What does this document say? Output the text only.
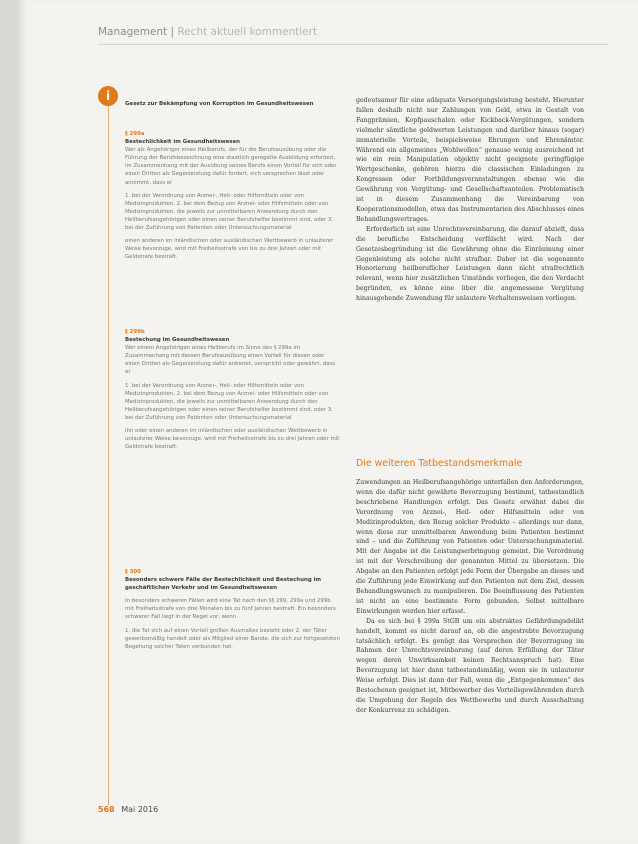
Management | Recht aktuell kommentiert
i

Gesetz zur Bekämpfung von Korruption im Gesundheitswesen

§ 299a

Bestechlichkeit im Gesundheitswesen

Wer als Angehöriger eines Heilberufs, der für die Berufsausübung oder die Führung der Berufsbezeichnung eine staatlich geregelte Ausbildung erfordert, im Zusammenhang mit der Ausübung seines Berufs einen Vorteil für sich oder einen Dritten als Gegenleistung dafür fordert, sich versprechen lässt oder annimmt, dass er

1. bei der Verordnung von Arznei-, Heil- oder Hilfsmitteln oder von Medizinprodukten, 2. bei dem Bezug von Arznei- oder Hilfsmitteln oder von Medizinprodukten, die jeweils zur unmittelbaren Anwendung durch den Heilberufsangehörigen oder einen seiner Berufshelfer bestimmt sind, oder 3. bei der Zuführung von Patienten oder Untersuchungsmaterial

einen anderen im inländischen oder ausländischen Wettbewerb in unlauterer Weise bevorzuge, wird mit Freiheitsstrafe von bis zu drei Jahren oder mit Geldstrafe bestraft.

§ 299b

Bestechung im Gesundheitswesen

Wer einem Angehörigen eines Heilberufs im Sinne des § 299a im Zusammenhang mit dessen Berufsausübung einen Vorteil für diesen oder einen Dritten als Gegenleistung dafür anbietet, verspricht oder gewährt, dass er

1. bei der Verordnung von Arznei-, Heil- oder Hilfsmitteln oder von Medizinprodukten, 2. bei dem Bezug von Arznei- oder Hilfsmitteln oder von Medizinprodukten, die jeweils zur unmittelbaren Anwendung durch den Heilberufsangehörigen oder einen seiner Berufshelfer bestimmt sind, oder 3. bei der Zuführung von Patienten oder Untersuchungsmaterial

ihn oder einen anderen im inländischen oder ausländischen Wettbewerb in unlauterer Weise bevorzuge, wird mit Freiheitsstrafe bis zu drei Jahren oder mit Geldstrafe bestraft.

§ 300

Besonders schwere Fälle der Bestechlichkeit und Bestechung im geschäftlichen Verkehr und im Gesundheitswesen

In besonders schweren Fällen wird eine Tat nach den §§ 299, 299a und 299b mit Freiheitsstrafe von drei Monaten bis zu fünf Jahren bestraft. Ein besonders schwerer Fall liegt in der Regel vor, wenn

1. die Tat sich auf einen Vorteil großen Ausmaßes bezieht oder 2. der Täter gewerbsmäßig handelt oder als Mitglied einer Bande, die sich zur fortgesetzten Begehung solcher Taten verbunden hat.

gedeutsamer für eine adäquate Versorgungsleistung besteht. Hierunter fallen deshalb nicht nur Zahlungen von Geld, etwa in Gestalt von Fangprämien, Kopfpauschalen oder Kickback-Vergütungen, sondern vielmehr sämtliche geldwerten Leistungen und darüber hinaus (sogar) immaterielle Vorteile, beispielsweise Ehrungen und Ehrenämter. Während ein allgemeines „Wohlwollen“ genauso wenig ausreichend ist wie ein rein Manipulation objektiv nicht geeignete geringfügige Wertgeschenke, gehören hierzu die classischen Einladungen zu Kongressen oder Fortbildungsveranstaltungen ebenso wie die Gewährung von Vergütung- und Gesellschaftsanteilen. Problematisch ist in diesem Zusammenhang die Vereinbarung von Kooperationsmodellen, etwa das Instrumentarien des Abschlusses eines Behandlungsvertrages.

Erforderlich ist eine Unrechtsvereinbarung, die darauf abzielt, dass die berufliche Entscheidung verfälscht wird. Nach der Gesetzesbegründung ist die Gewährung ohne die Einräumung einer Gegenleistung als solche nicht strafbar. Daher ist die sogenannte Honorierung heilberuflicher Leistungen dann nicht strafrechtlich relevant, wenn hier zusätzlichen Umstände vorliegen, die den Verdacht begründen, es könne eine über die angemessene Vergütung hinausgehende Zuwendung für unlautere Verhaltensweisen vorliegen.

Die weiteren Tatbestandsmerkmale

Zuwendungen an Heilberufsangehörige unterfallen den Anforderungen, wenn die dafür nicht gewährte Bevorzugung bestimmt, tatbestandlich beschriebene Handlungen erfolgt. Das Gesetz erwähnt dabei die Verordnung von Arznei-, Heil- oder Hilfsmitteln oder von Medizinprodukten, den Bezug solcher Produkte – allerdings nur dann, wenn diese zur unmittelbaren Anwendung beim Patienten bestimmt sind – und die Zuführung von Patienten oder Untersuchungsmaterial. Mit der Angabe ist die Leistungserbringung gemeint. Die Verordnung ist mit der Verschreibung der genannten Mittel zu übersetzen. Die Abgabe an den Patienten erfolgt jede Form der Übergabe an dieses und die Zuführung jede Einwirkung auf den Patienten mit dem Ziel, dessen Behandlungswunsch zu manipulieren. Die Beeinflussung des Patienten ist nicht an eine bestimmte Form gebunden. Selbst mittelbare Einwirkungen werden hier erfasst.

Da es sich bei § 299a StGB um ein abstraktes Gefährdungsdelikt handelt, kommt es nicht darauf an, ob die angestrebte Bevorzugung tatsächlich erfolgt. Es genügt das Versprechen der Bevorzugung im Rahmen der Unrechtsvereinbarung (auf deren Erfüllung der Täter wegen deren Unwirksamkeit keinen Rechtsanspruch hat). Eine Bevorzugung ist hier dann tatbestandsmäßig, wenn sie in unlauterer Weise erfolgt. Dies ist dann der Fall, wenn die „Entgegenkommen“ des Bestochenen geeignet ist, Mitbewerber des Vorteilsgewährenden durch die Umgehung der Regeln des Wettbewerbs und durch Ausschaltung der Konkurrenz zu schädigen.

568 Mai 2016
